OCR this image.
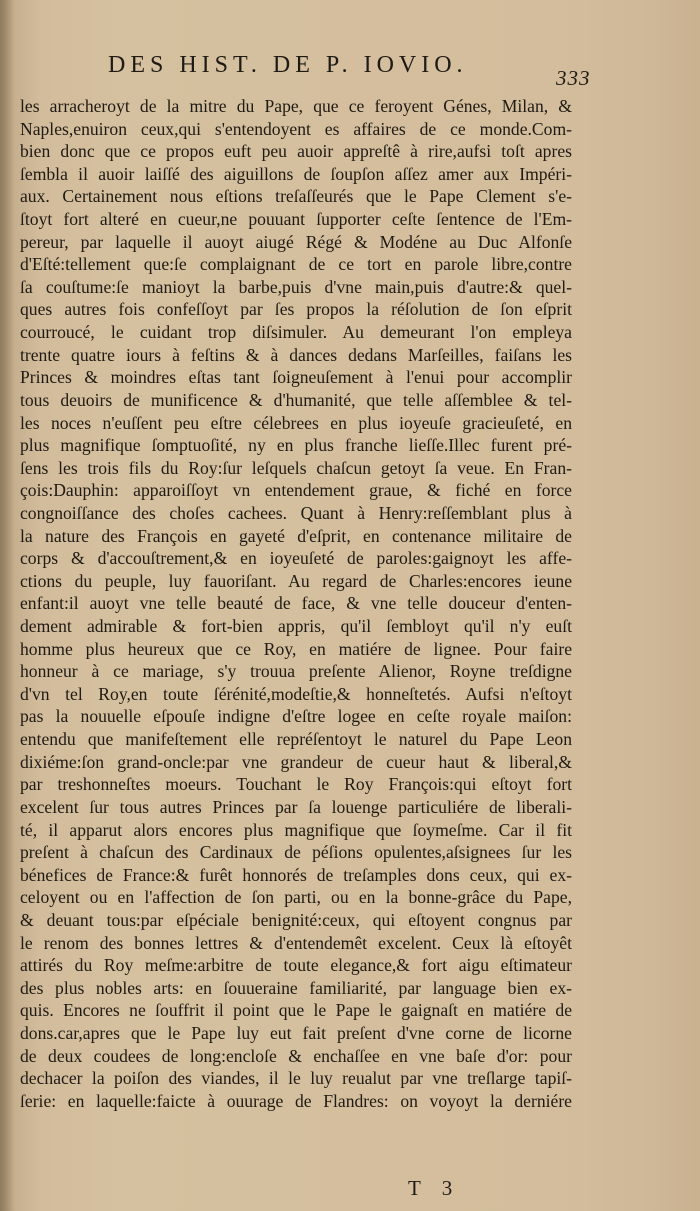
DES HIST. DE P. IOVIO.	333
les arracheroyt de la mitre du Pape, que ce feroyent Génes, Milan, &
Naples,enuiron ceux,qui s'entendoyent es affaires de ce monde.Com-
bien donc que ce propos euft peu auoir appreſtê à rire,aufsi toſt apres
ſembla il auoir laiſſé des aiguillons de ſoupſon aſſez amer aux Impéri-
aux. Certainement nous eſtions treſaſſeurés que le Pape Clement s'e-
ſtoyt fort alteré en cueur,ne pouuant ſupporter ceſte ſentence de l'Em-
pereur, par laquelle il auoyt aiugé Régé & Modéne au Duc Alfonſe
d'Eſté:tellement que:ſe complaignant de ce tort en parole libre,contre
ſa couſtume:ſe manioyt la barbe,puis d'vne main,puis d'autre:& quel-
ques autres fois confeſſoyt par ſes propos la réſolution de ſon eſprit
courroucé, le cuidant trop diſsimuler. Au demeurant l'on empleya
trente quatre iours à feſtins & à dances dedans Marſeilles, faiſans les
Princes & moindres eſtas tant ſoigneuſement à l'enui pour accomplir
tous deuoirs de munificence & d'humanité, que telle aſſemblee & tel-
les noces n'euſſent peu eſtre célebrees en plus ioyeuſe gracieuſeté, en
plus magnifique ſomptuoſité, ny en plus franche lieſſe.Illec furent pré-
ſens les trois fils du Roy:ſur leſquels chaſcun getoyt ſa veue. En Fran-
çois:Dauphin: apparoiſſoyt vn entendement graue, & fiché en force
congnoiſſance des choſes cachees. Quant à Henry:reſſemblant plus à
la nature des François en gayeté d'eſprit, en contenance militaire de
corps & d'accouſtrement,& en ioyeuſeté de paroles:gaignoyt les affe-
ctions du peuple, luy fauoriſant. Au regard de Charles:encores ieune
enfant:il auoyt vne telle beauté de face, & vne telle douceur d'enten-
dement admirable & fort-bien appris, qu'il ſembloyt qu'il n'y euſt
homme plus heureux que ce Roy, en matiére de lignee. Pour faire
honneur à ce mariage, s'y trouua preſente Alienor, Royne treſdigne
d'vn tel Roy,en toute ſérénité,modeſtie,& honneſtetés. Aufsi n'eſtoyt
pas la nouuelle eſpouſe indigne d'eſtre logee en ceſte royale maiſon:
entendu que manifeſtement elle repréſentoyt le naturel du Pape Leon
dixiéme:ſon grand-oncle:par vne grandeur de cueur haut & liberal,&
par treshonneſtes moeurs. Touchant le Roy François:qui eſtoyt fort
excelent ſur tous autres Princes par ſa louenge particuliére de liberali-
té, il apparut alors encores plus magnifique que ſoymeſme. Car il fit
preſent à chaſcun des Cardinaux de péſions opulentes,aſsignees ſur les
bénefices de France:& furêt honnorés de treſamples dons ceux, qui ex-
celoyent ou en l'affection de ſon parti, ou en la bonne-grâce du Pape,
& deuant tous:par eſpéciale benignité:ceux, qui eſtoyent congnus par
le renom des bonnes lettres & d'entendemêt excelent. Ceux là eſtoyêt
attirés du Roy meſme:arbitre de toute elegance,& fort aigu eſtimateur
des plus nobles arts: en ſouueraine familiarité, par language bien ex-
quis. Encores ne ſouffrit il point que le Pape le gaignaſt en matiére de
dons.car,apres que le Pape luy eut fait preſent d'vne corne de licorne
de deux coudees de long:encloſe & enchaſſee en vne baſe d'or: pour
dechacer la poiſon des viandes, il le luy reualut par vne treſlarge tapiſ-
ſerie: en laquelle:faicte à ouurage de Flandres: on voyoyt la derniére
T 3
